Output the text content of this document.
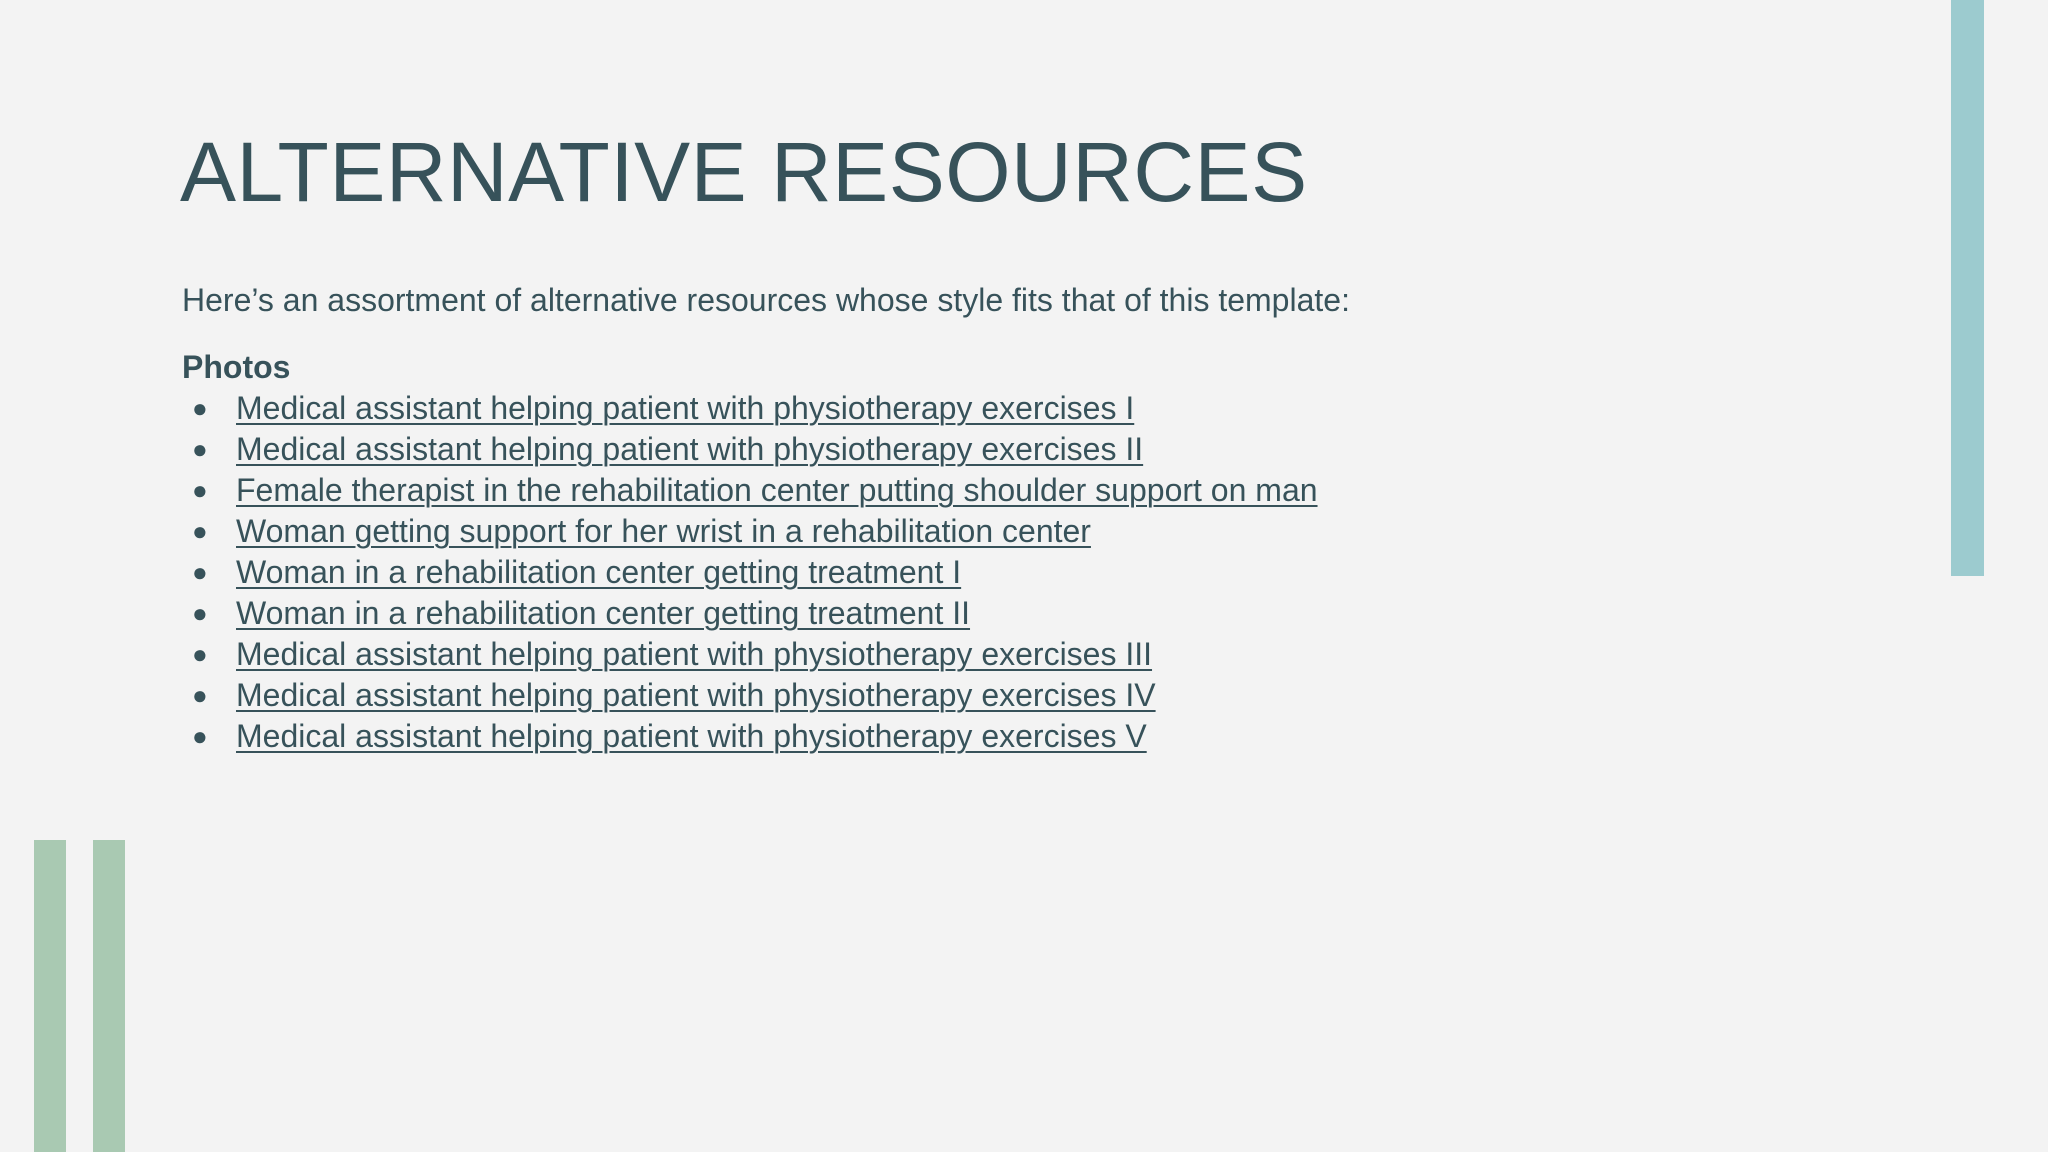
ALTERNATIVE RESOURCES

Here’s an assortment of alternative resources whose style fits that of this template:

Photos
● Medical assistant helping patient with physiotherapy exercises I
● Medical assistant helping patient with physiotherapy exercises II
● Female therapist in the rehabilitation center putting shoulder support on man
● Woman getting support for her wrist in a rehabilitation center
● Woman in a rehabilitation center getting treatment I
● Woman in a rehabilitation center getting treatment II
● Medical assistant helping patient with physiotherapy exercises III
● Medical assistant helping patient with physiotherapy exercises IV
● Medical assistant helping patient with physiotherapy exercises V
